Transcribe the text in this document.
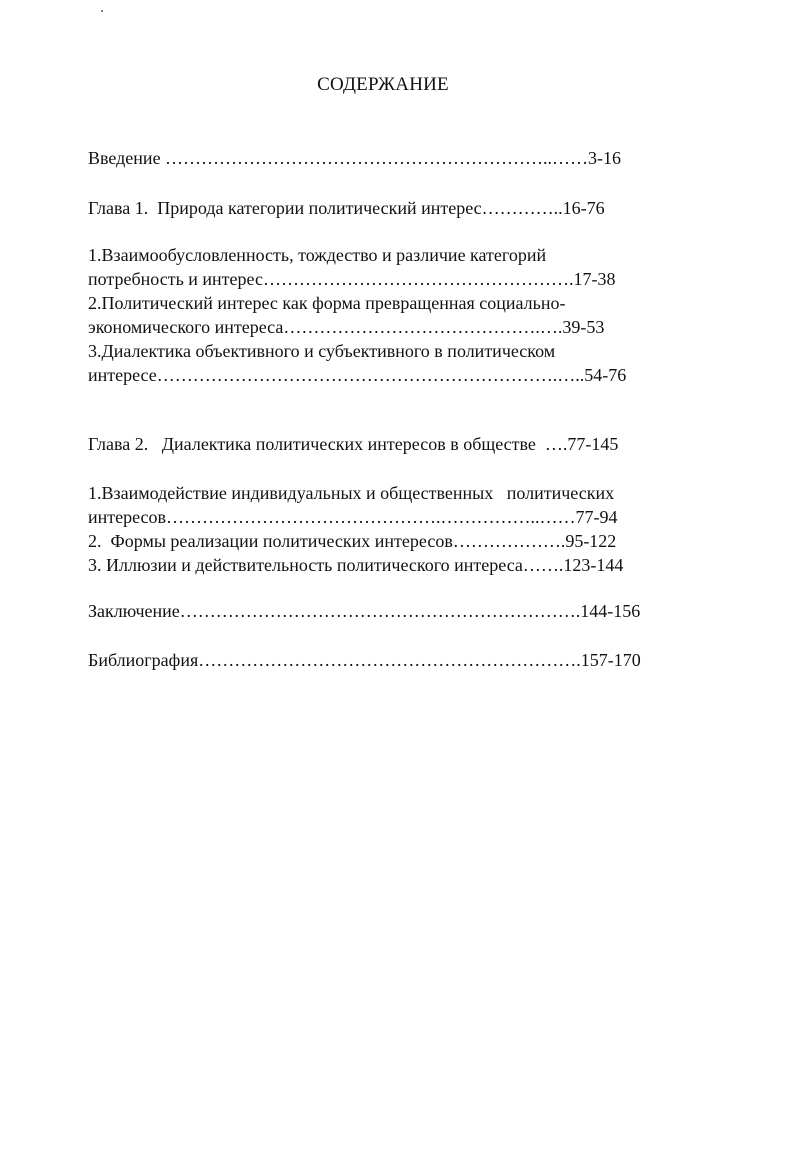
СОДЕРЖАНИЕ
Введение ………………………………………………………..……3-16
Глава 1.  Природа категории политический интерес…………..16-76
1.Взаимообусловленность, тождество и различие категорий
потребность и интерес…………………………………………….17-38
2.Политический интерес как форма превращенная социально-
экономического интереса…………………………………….….39-53
3.Диалектика объективного и субъективного в политическом
интересе………………………………………………………….…..54-76
Глава 2.   Диалектика политических интересов в обществе  ….77-145
1.Взаимодействие индивидуальных и общественных   политических
интересов……………………………………….……………..……77-94
2.  Формы реализации политических интересов……………….95-122
3. Иллюзии и действительность политического интереса…….123-144
Заключение………………………………………………………….144-156
Библиография……………………………………………………….157-170
